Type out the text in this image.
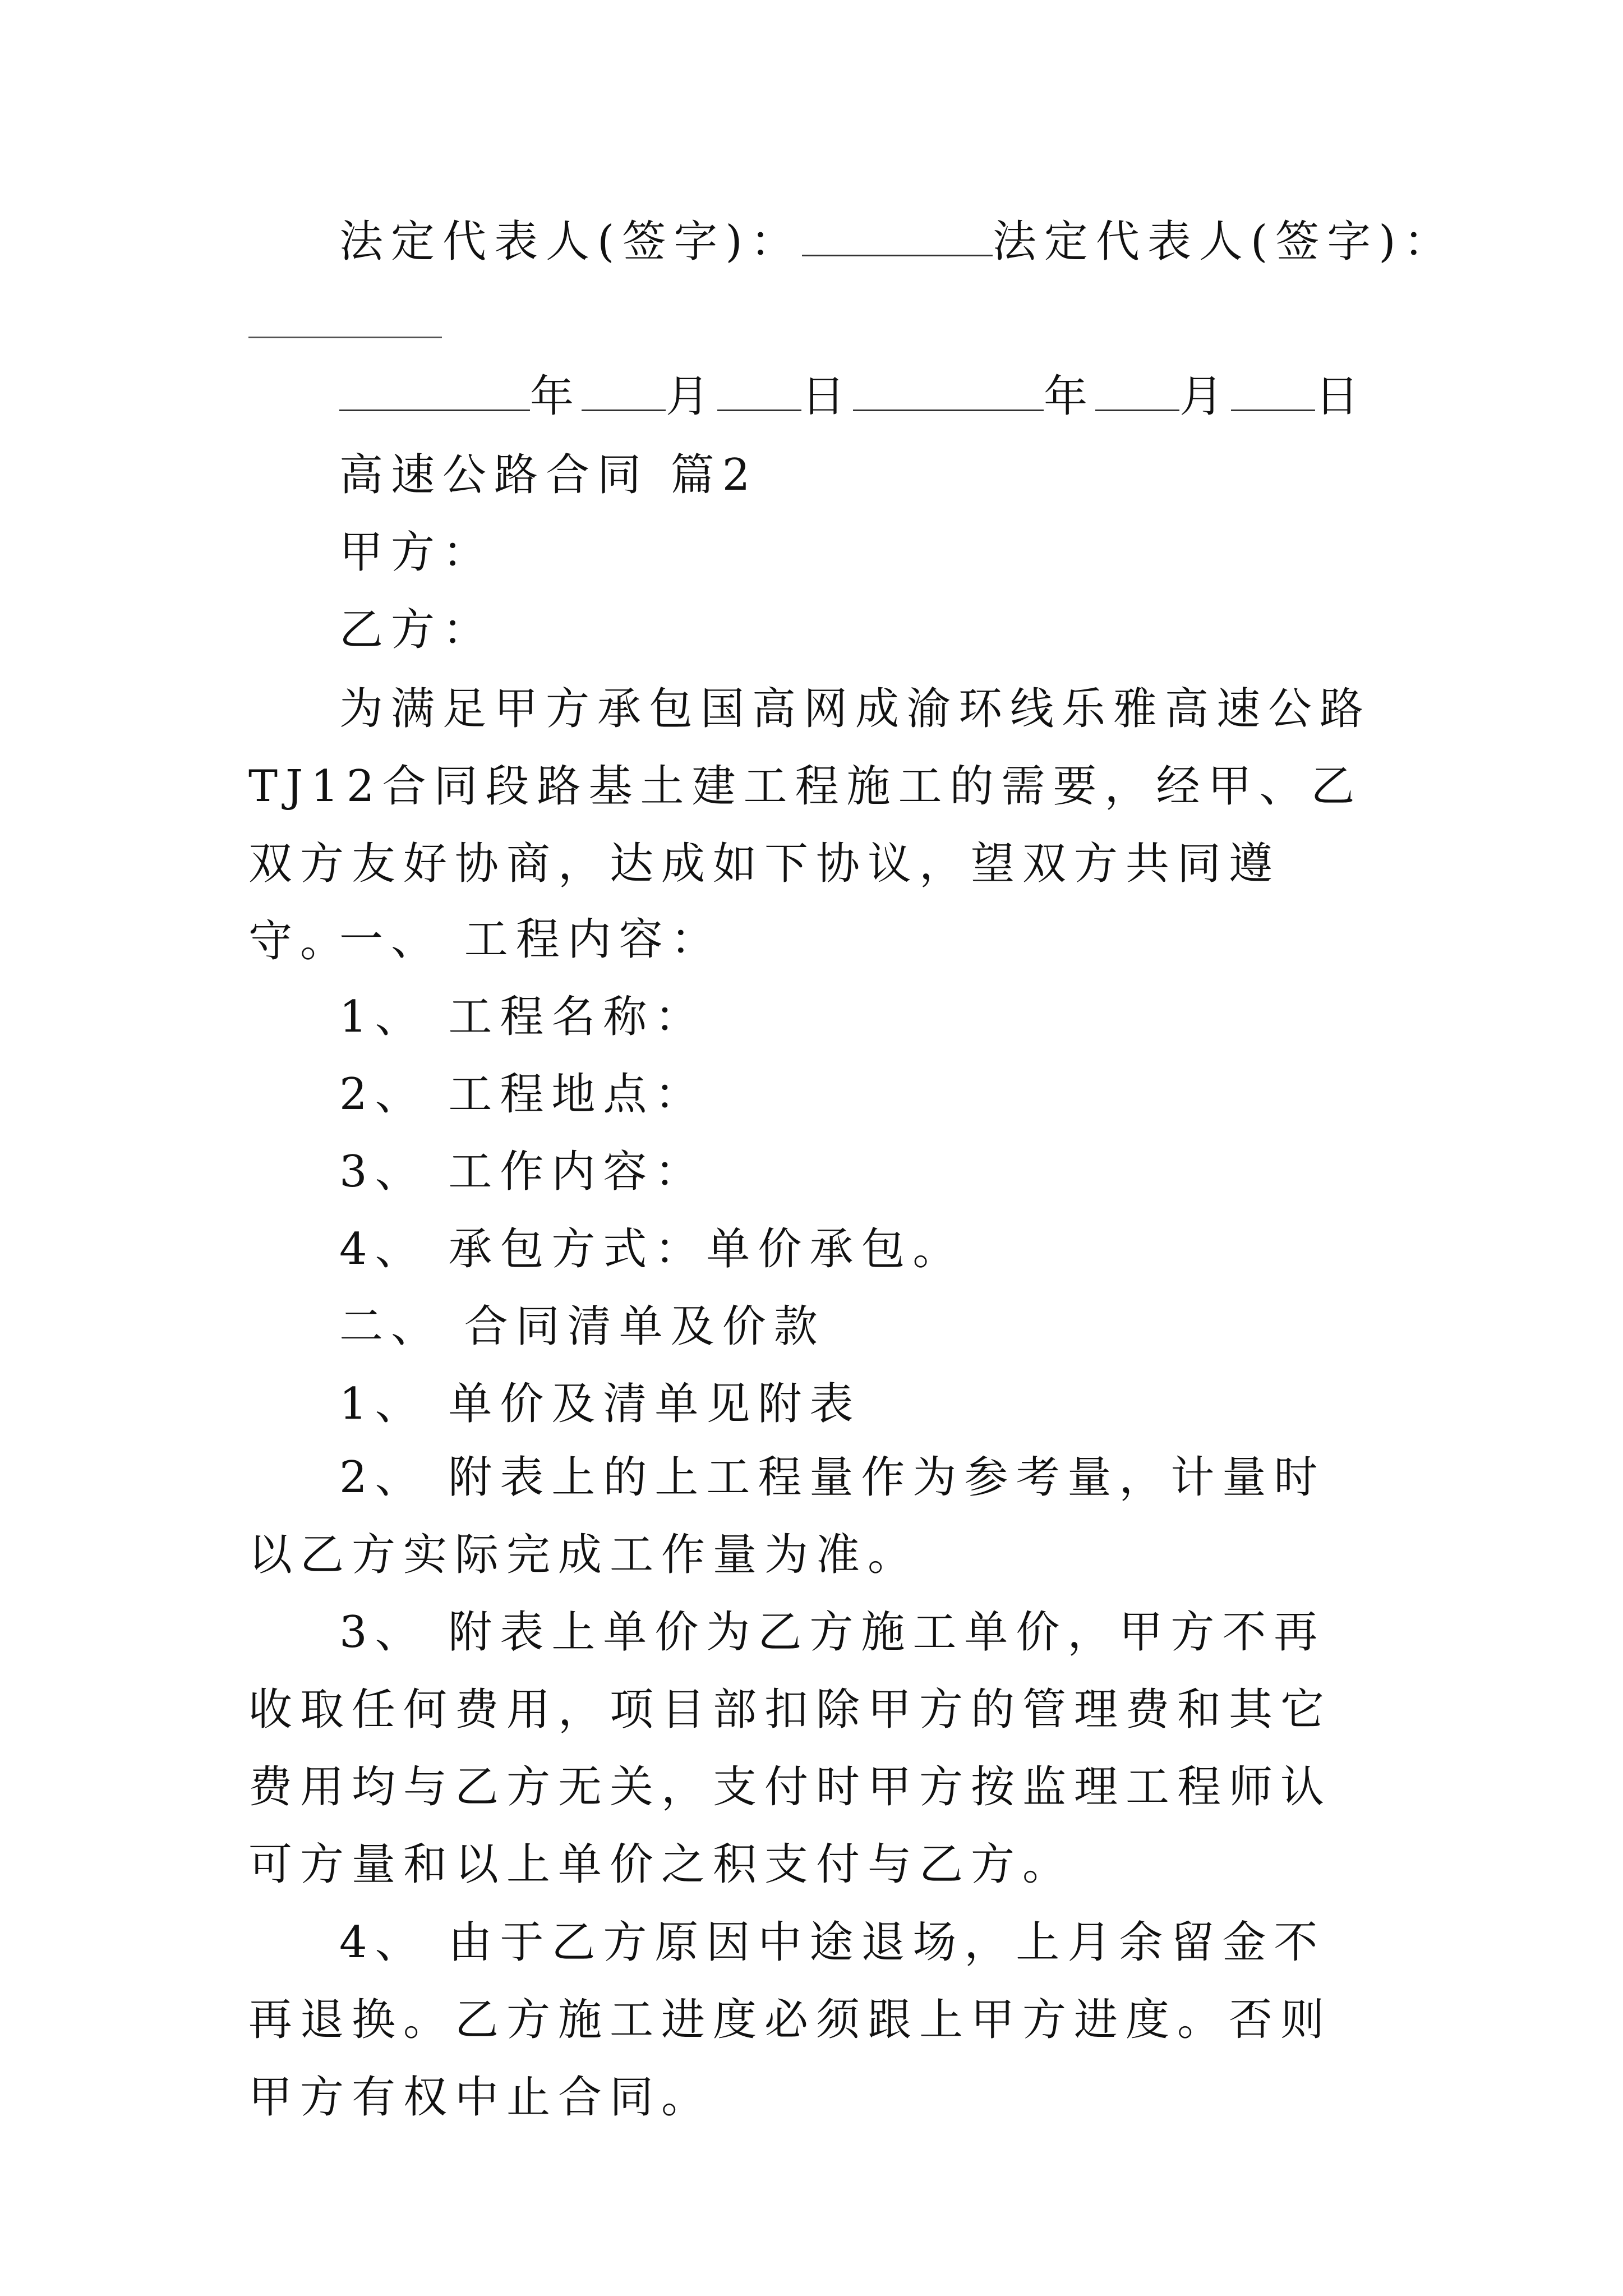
法定代表人(签字)：	法定代表人(签字)：
年 月 日	年 月 日
高速公路合同 篇2
甲方：
乙方：
为满足甲方承包国高网成渝环线乐雅高速公路TJ12合同段路基土建工程施工的需要，经甲、乙双方友好协商，达成如下协议，望双方共同遵守。
一、 工程内容：
1、 工程名称：
2、 工程地点：
3、 工作内容：
4、 承包方式：单价承包。
二、 合同清单及价款
1、 单价及清单见附表
2、 附表上的上工程量作为参考量，计量时以乙方实际完成工作量为准。
3、 附表上单价为乙方施工单价，甲方不再收取任何费用，项目部扣除甲方的管理费和其它费用均与乙方无关，支付时甲方按监理工程师认可方量和以上单价之积支付与乙方。
4、 由于乙方原因中途退场，上月余留金不再退换。乙方施工进度必须跟上甲方进度。否则甲方有权中止合同。
